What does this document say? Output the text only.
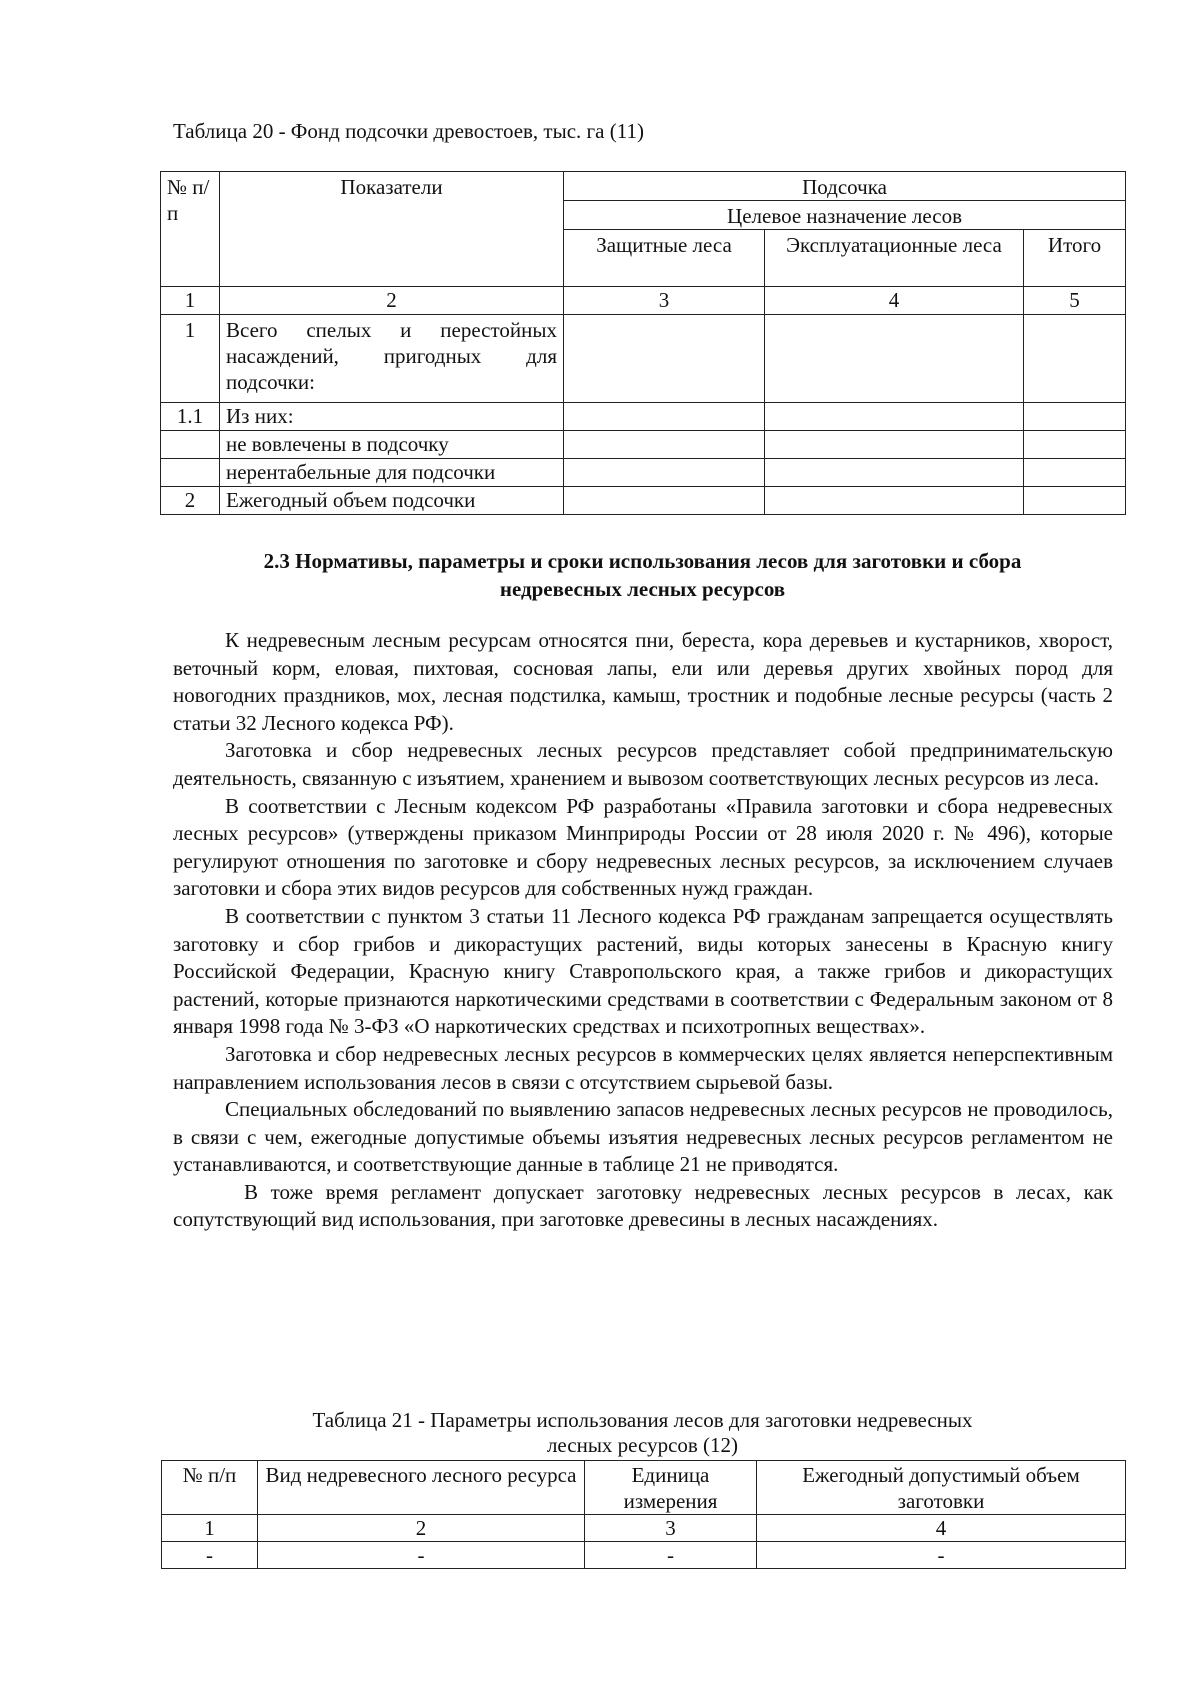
Таблица 20 - Фонд подсочки древостоев, тыс. га (11)
№ п/п	Показатели	Подсочка		
		Целевое назначение лесов		
		Защитные леса	Эксплуатационные леса	Итого
1	2	3	4	5
1	Всего спелых и перестойных насаждений, пригодных для подсочки:			
1.1	Из них:			
	не вовлечены в подсочку			
	нерентабельные для подсочки			
2	Ежегодный объем подсочки			
2.3 Нормативы, параметры и сроки использования лесов для заготовки и сбора
недревесных лесных ресурсов

К недревесным лесным ресурсам относятся пни, береста, кора деревьев и кустарников, хворост, веточный корм, еловая, пихтовая, сосновая лапы, ели или деревья других хвойных пород для новогодних праздников, мох, лесная подстилка, камыш, тростник и подобные лесные ресурсы (часть 2 статьи 32 Лесного кодекса РФ).

Заготовка и сбор недревесных лесных ресурсов представляет собой предпринимательскую деятельность, связанную с изъятием, хранением и вывозом соответствующих лесных ресурсов из леса.

В соответствии с Лесным кодексом РФ разработаны «Правила заготовки и сбора недревесных лесных ресурсов» (утверждены приказом Минприроды России от 28 июля 2020 г. № 496), которые регулируют отношения по заготовке и сбору недревесных лесных ресурсов, за исключением случаев заготовки и сбора этих видов ресурсов для собственных нужд граждан.

В соответствии с пунктом 3 статьи 11 Лесного кодекса РФ гражданам запрещается осуществлять заготовку и сбор грибов и дикорастущих растений, виды которых занесены в Красную книгу Российской Федерации, Красную книгу Ставропольского края, а также грибов и дикорастущих растений, которые признаются наркотическими средствами в соответствии с Федеральным законом от 8 января 1998 года № 3-ФЗ «О наркотических средствах и психотропных веществах».

Заготовка и сбор недревесных лесных ресурсов в коммерческих целях является неперспективным направлением использования лесов в связи с отсутствием сырьевой базы.

Специальных обследований по выявлению запасов недревесных лесных ресурсов не проводилось, в связи с чем, ежегодные допустимые объемы изъятия недревесных лесных ресурсов регламентом не устанавливаются, и соответствующие данные в таблице 21 не приводятся.

В тоже время регламент допускает заготовку недревесных лесных ресурсов в лесах, как сопутствующий вид использования, при заготовке древесины в лесных насаждениях.

Таблица 21 - Параметры использования лесов для заготовки недревесных
лесных ресурсов (12)
№ п/п	Вид недревесного лесного ресурса	Единица измерения	Ежегодный допустимый объем заготовки
1	2	3	4
-	-	-	-
